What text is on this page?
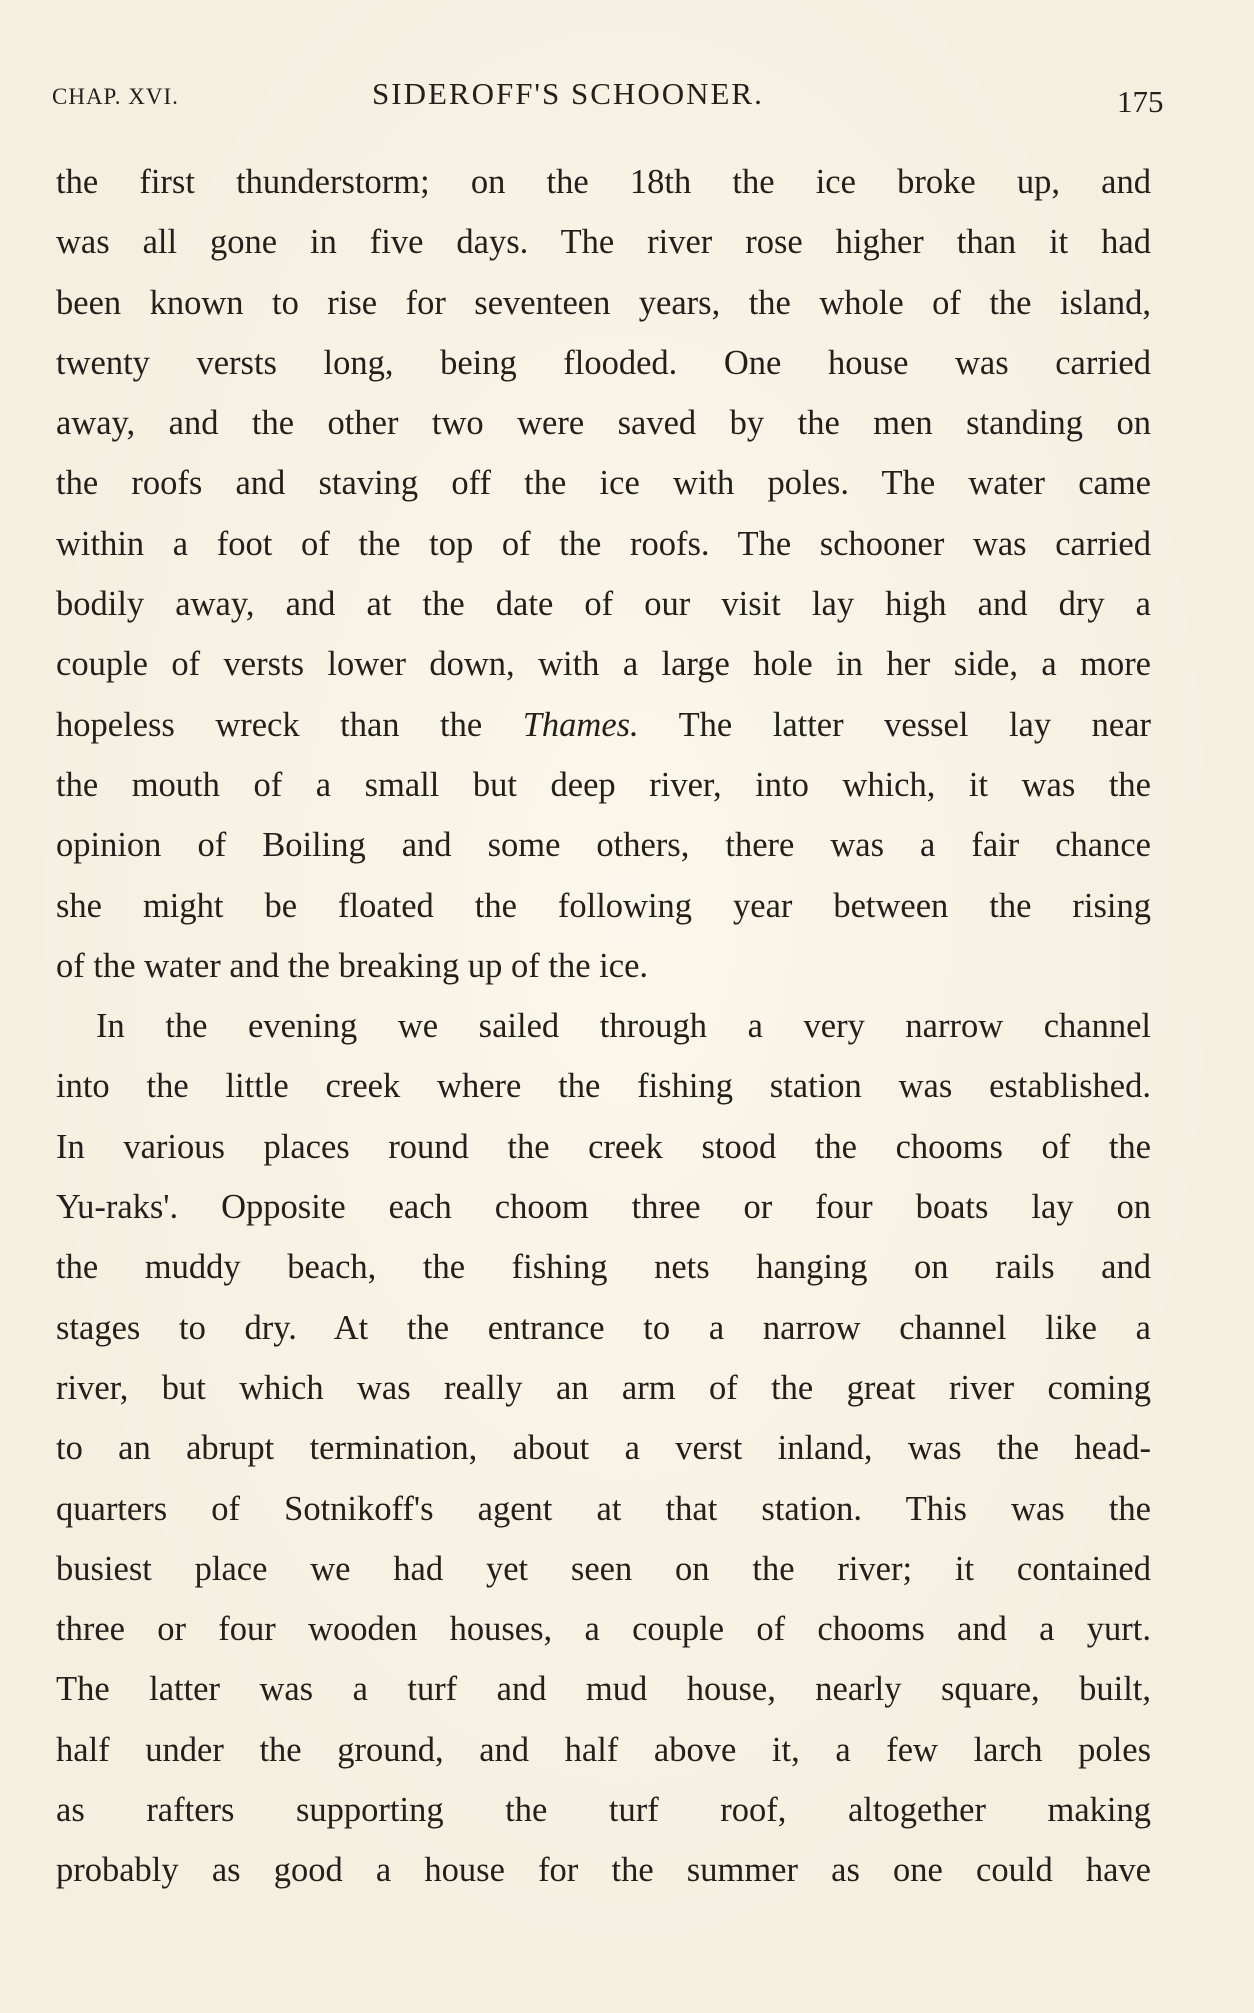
CHAP. XVI.	SIDEROFF'S SCHOONER.	175
the first thunderstorm; on the 18th the ice broke up, and
was all gone in five days. The river rose higher than it had
been known to rise for seventeen years, the whole of the island,
twenty versts long, being flooded. One house was carried
away, and the other two were saved by the men standing on
the roofs and staving off the ice with poles. The water came
within a foot of the top of the roofs. The schooner was carried
bodily away, and at the date of our visit lay high and dry a
couple of versts lower down, with a large hole in her side, a more
hopeless wreck than the Thames. The latter vessel lay near
the mouth of a small but deep river, into which, it was the
opinion of Boiling and some others, there was a fair chance
she might be floated the following year between the rising
of the water and the breaking up of the ice.
In the evening we sailed through a very narrow channel
into the little creek where the fishing station was established.
In various places round the creek stood the chooms of the
Yu-raks'. Opposite each choom three or four boats lay on
the muddy beach, the fishing nets hanging on rails and
stages to dry. At the entrance to a narrow channel like a
river, but which was really an arm of the great river coming
to an abrupt termination, about a verst inland, was the head-
quarters of Sotnikoff's agent at that station. This was the
busiest place we had yet seen on the river; it contained
three or four wooden houses, a couple of chooms and a yurt.
The latter was a turf and mud house, nearly square, built,
half under the ground, and half above it, a few larch poles
as rafters supporting the turf roof, altogether making
probably as good a house for the summer as one could have
